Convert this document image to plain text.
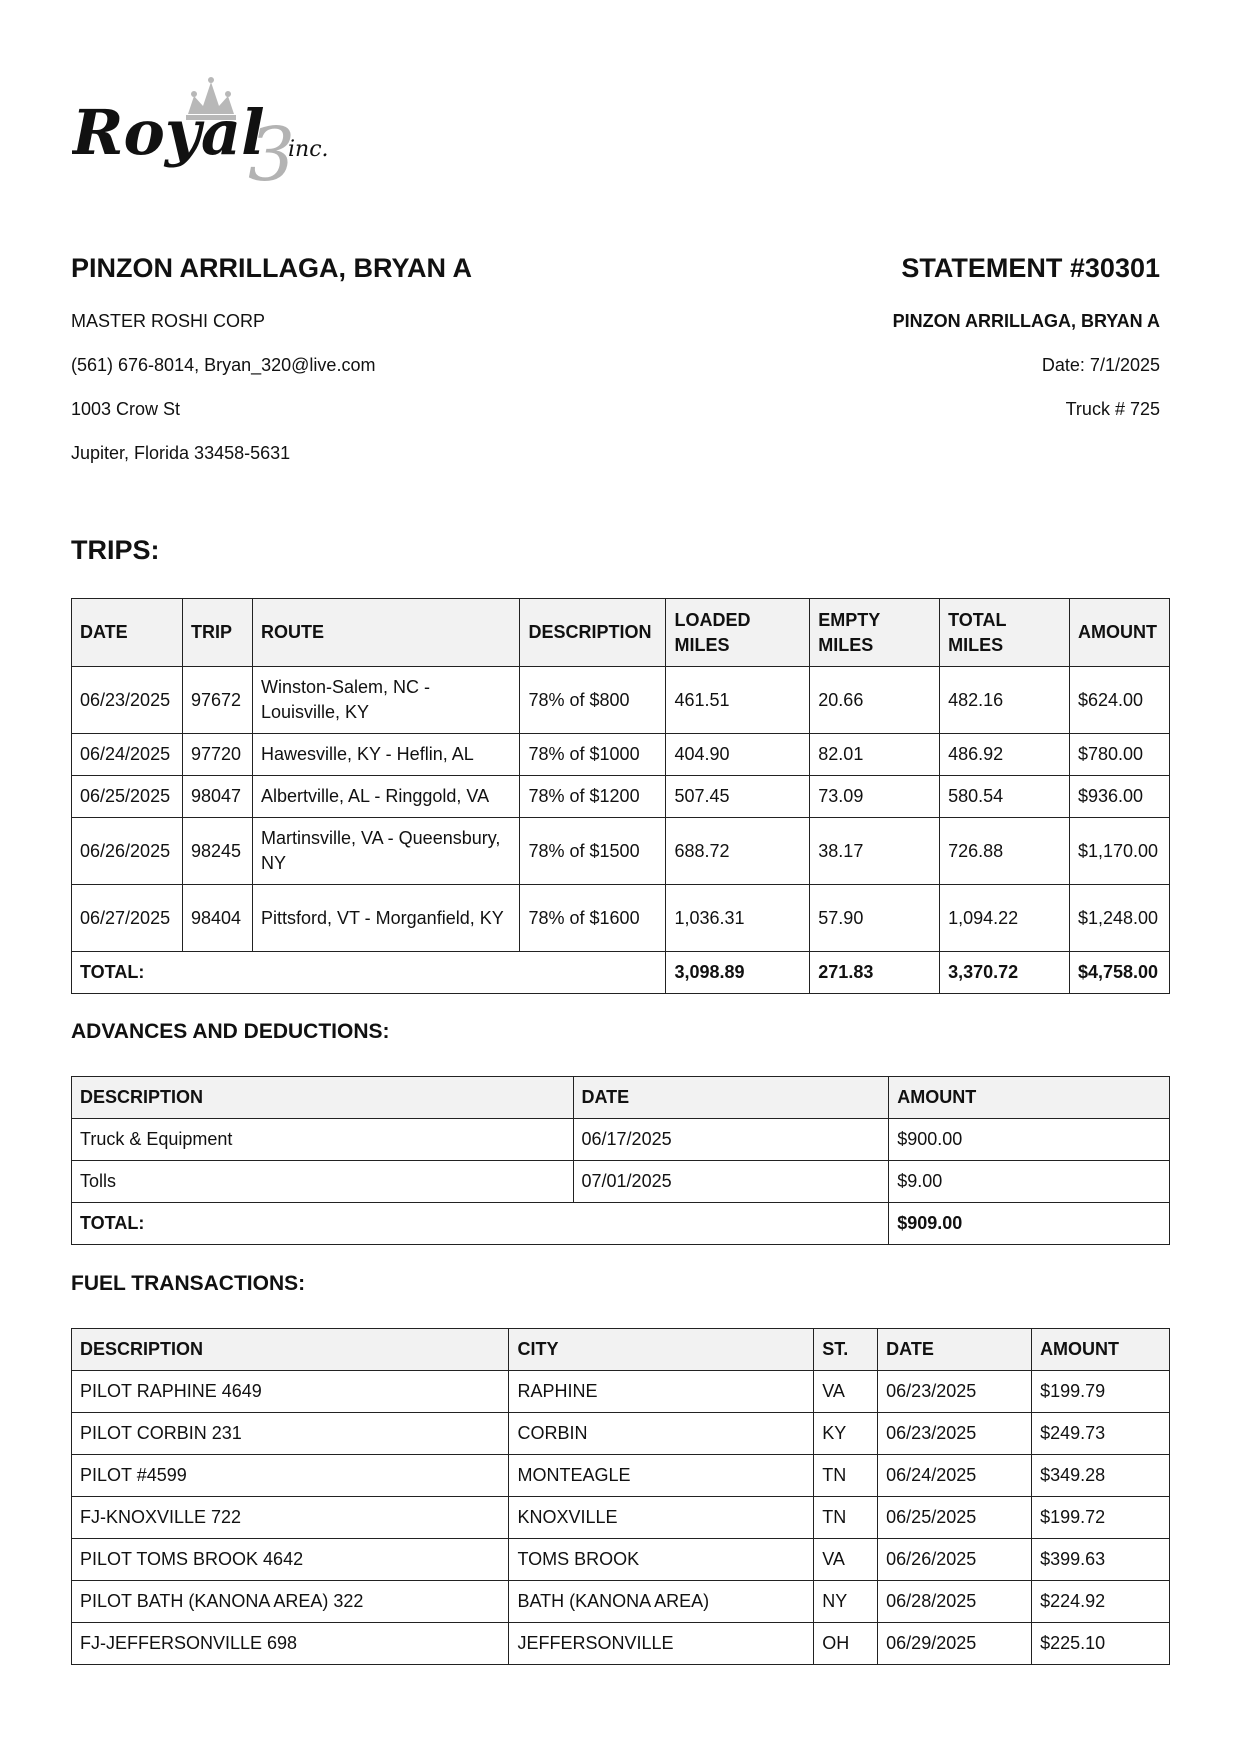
3
Royal inc.
PINZON ARRILLAGA, BRYAN A
MASTER ROSHI CORP
(561) 676-8014, Bryan_320@live.com
1003 Crow St
Jupiter, Florida 33458-5631
STATEMENT #30301
PINZON ARRILLAGA, BRYAN A
Date: 7/1/2025
Truck # 725
TRIPS:
DATE	TRIP	ROUTE	DESCRIPTION	LOADED MILES	EMPTY MILES	TOTAL MILES	AMOUNT
06/23/2025	97672	Winston-Salem, NC - Louisville, KY	78% of $800	461.51	20.66	482.16	$624.00
06/24/2025	97720	Hawesville, KY - Heflin, AL	78% of $1000	404.90	82.01	486.92	$780.00
06/25/2025	98047	Albertville, AL - Ringgold, VA	78% of $1200	507.45	73.09	580.54	$936.00
06/26/2025	98245	Martinsville, VA - Queensbury, NY	78% of $1500	688.72	38.17	726.88	$1,170.00
06/27/2025	98404	Pittsford, VT - Morganfield, KY	78% of $1600	1,036.31	57.90	1,094.22	$1,248.00
TOTAL:				3,098.89	271.83	3,370.72	$4,758.00
ADVANCES AND DEDUCTIONS:
DESCRIPTION	DATE	AMOUNT
Truck & Equipment	06/17/2025	$900.00
Tolls	07/01/2025	$9.00
TOTAL:		$909.00
FUEL TRANSACTIONS:
DESCRIPTION	CITY	ST.	DATE	AMOUNT
PILOT RAPHINE 4649	RAPHINE	VA	06/23/2025	$199.79
PILOT CORBIN 231	CORBIN	KY	06/23/2025	$249.73
PILOT #4599	MONTEAGLE	TN	06/24/2025	$349.28
FJ-KNOXVILLE 722	KNOXVILLE	TN	06/25/2025	$199.72
PILOT TOMS BROOK 4642	TOMS BROOK	VA	06/26/2025	$399.63
PILOT BATH (KANONA AREA) 322	BATH (KANONA AREA)	NY	06/28/2025	$224.92
FJ-JEFFERSONVILLE 698	JEFFERSONVILLE	OH	06/29/2025	$225.10
